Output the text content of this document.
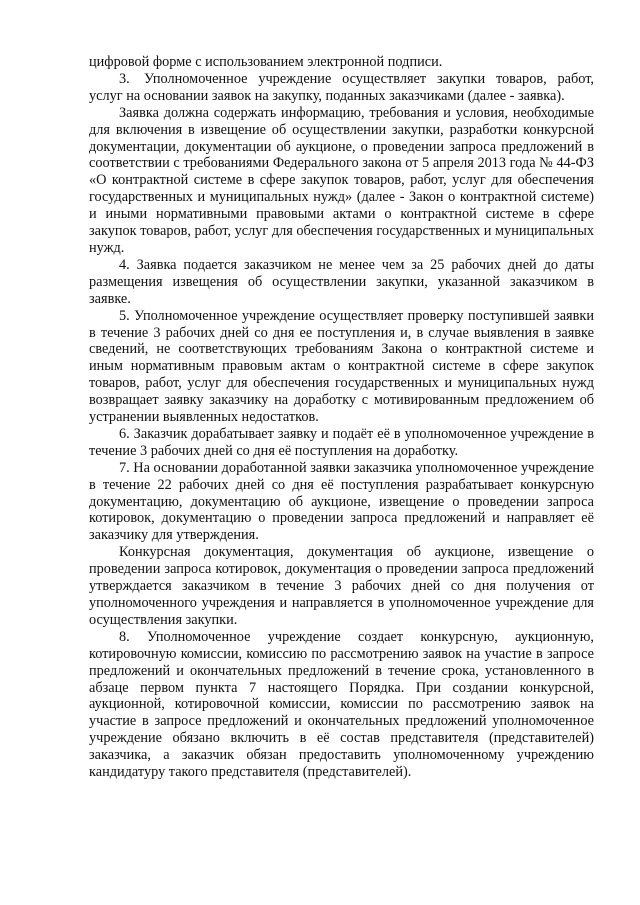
цифровой форме с использованием электронной подписи.

3. Уполномоченное учреждение осуществляет закупки товаров, работ, услуг на основании заявок на закупку, поданных заказчиками (далее - заявка).

Заявка должна содержать информацию, требования и условия, необходимые для включения в извещение об осуществлении закупки, разработки конкурсной документации, документации об аукционе, о проведении запроса предложений в соответствии с требованиями Федерального закона от 5 апреля 2013 года № 44-ФЗ «О контрактной системе в сфере закупок товаров, работ, услуг для обеспечения государственных и муниципальных нужд» (далее - Закон о контрактной системе) и иными нормативными правовыми актами о контрактной системе в сфере закупок товаров, работ, услуг для обеспечения государственных и муниципальных нужд.

4. Заявка подается заказчиком не менее чем за 25 рабочих дней до даты размещения извещения об осуществлении закупки, указанной заказчиком в заявке.

5. Уполномоченное учреждение осуществляет проверку поступившей заявки в течение 3 рабочих дней со дня ее поступления и, в случае выявления в заявке сведений, не соответствующих требованиям Закона о контрактной системе и иным нормативным правовым актам о контрактной системе в сфере закупок товаров, работ, услуг для обеспечения государственных и муниципальных нужд возвращает заявку заказчику на доработку с мотивированным предложением об устранении выявленных недостатков.

6. Заказчик дорабатывает заявку и подаёт её в уполномоченное учреждение в течение 3 рабочих дней со дня её поступления на доработку.

7. На основании доработанной заявки заказчика уполномоченное учреждение в течение 22 рабочих дней со дня её поступления разрабатывает конкурсную документацию, документацию об аукционе, извещение о проведении запроса котировок, документацию о проведении запроса предложений и направляет её заказчику для утверждения.

Конкурсная документация, документация об аукционе, извещение о проведении запроса котировок, документация о проведении запроса предложений утверждается заказчиком в течение 3 рабочих дней со дня получения от уполномоченного учреждения и направляется в уполномоченное учреждение для осуществления закупки.

8. Уполномоченное учреждение создает конкурсную, аукционную, котировочную комиссии, комиссию по рассмотрению заявок на участие в запросе предложений и окончательных предложений в течение срока, установленного в абзаце первом пункта 7 настоящего Порядка. При создании конкурсной, аукционной, котировочной комиссии, комиссии по рассмотрению заявок на участие в запросе предложений и окончательных предложений уполномоченное учреждение обязано включить в её состав представителя (представителей) заказчика, а заказчик обязан предоставить уполномоченному учреждению кандидатуру такого представителя (представителей).
